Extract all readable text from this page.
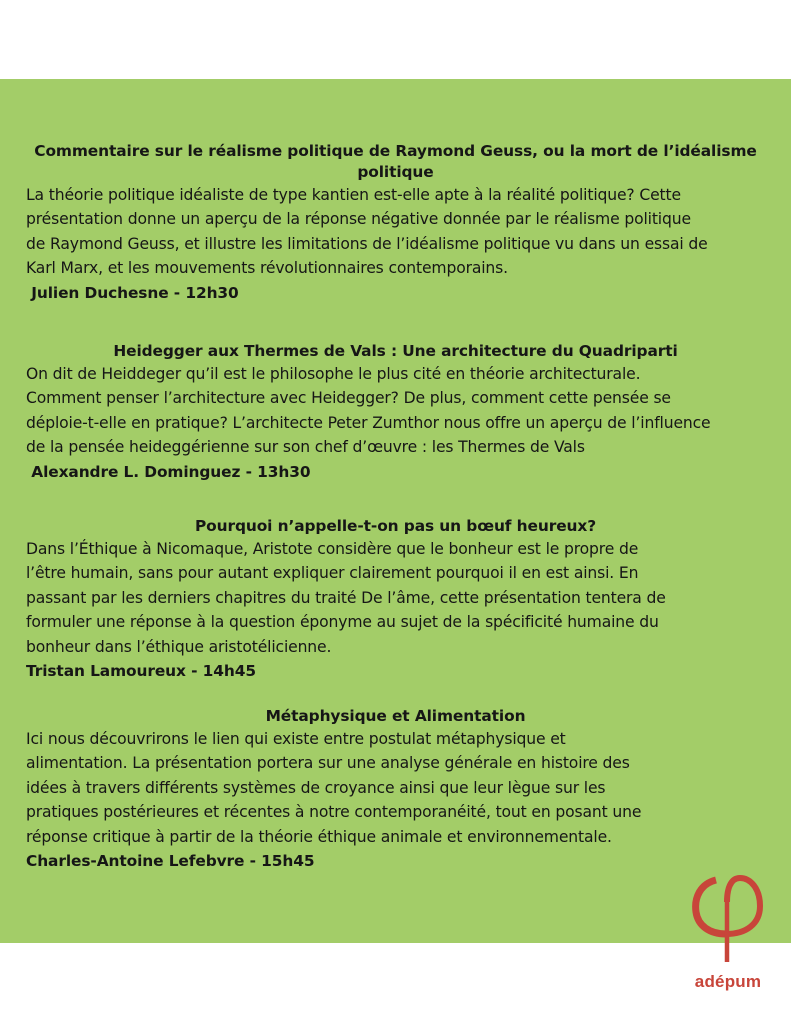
Commentaire sur le réalisme politique de Raymond Geuss, ou la mort de l’idéalisme
politique
La théorie politique idéaliste de type kantien est-elle apte à la réalité politique? Cette
présentation donne un aperçu de la réponse négative donnée par le réalisme politique
de Raymond Geuss, et illustre les limitations de l’idéalisme politique vu dans un essai de
Karl Marx, et les mouvements révolutionnaires contemporains.
Julien Duchesne - 12h30
Heidegger aux Thermes de Vals : Une architecture du Quadriparti
On dit de Heiddeger qu’il est le philosophe le plus cité en théorie architecturale.
Comment penser l’architecture avec Heidegger? De plus, comment cette pensée se
déploie-t-elle en pratique? L’architecte Peter Zumthor nous offre un aperçu de l’influence
de la pensée heideggérienne sur son chef d’œuvre : les Thermes de Vals
Alexandre L. Dominguez - 13h30
Pourquoi n’appelle-t-on pas un bœuf heureux?
Dans l’Éthique à Nicomaque, Aristote considère que le bonheur est le propre de
l’être humain, sans pour autant expliquer clairement pourquoi il en est ainsi. En
passant par les derniers chapitres du traité De l’âme, cette présentation tentera de
formuler une réponse à la question éponyme au sujet de la spécificité humaine du
bonheur dans l’éthique aristotélicienne.
Tristan Lamoureux - 14h45
Métaphysique et Alimentation
Ici nous découvrirons le lien qui existe entre postulat métaphysique et
alimentation. La présentation portera sur une analyse générale en histoire des
idées à travers différents systèmes de croyance ainsi que leur lègue sur les
pratiques postérieures et récentes à notre contemporanéité, tout en posant une
réponse critique à partir de la théorie éthique animale et environnementale.
Charles-Antoine Lefebvre - 15h45
adépum
